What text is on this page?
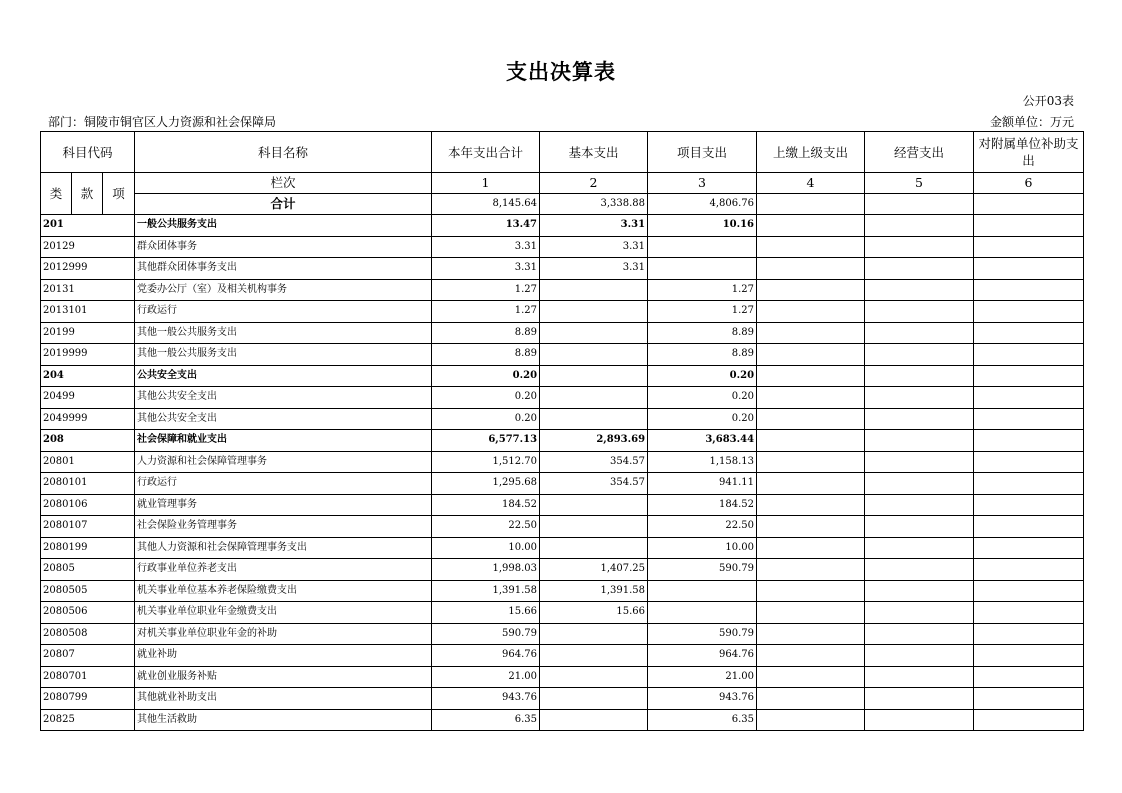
支出决算表
公开03表
部门：铜陵市铜官区人力资源和社会保障局	金额单位：万元
科目代码			科目名称	本年支出合计	基本支出	项目支出	上缴上级支出	经营支出	对附属单位补助支出
类	款	项	栏次	1	2	3	4	5	6
			合计	8,145.64	3,338.88	4,806.76			
201			一般公共服务支出	13.47	3.31	10.16			
20129			群众团体事务	3.31	3.31				
2012999			其他群众团体事务支出	3.31	3.31				
20131			党委办公厅（室）及相关机构事务	1.27		1.27			
2013101			行政运行	1.27		1.27			
20199			其他一般公共服务支出	8.89		8.89			
2019999			其他一般公共服务支出	8.89		8.89			
204			公共安全支出	0.20		0.20			
20499			其他公共安全支出	0.20		0.20			
2049999			其他公共安全支出	0.20		0.20			
208			社会保障和就业支出	6,577.13	2,893.69	3,683.44			
20801			人力资源和社会保障管理事务	1,512.70	354.57	1,158.13			
2080101			行政运行	1,295.68	354.57	941.11			
2080106			就业管理事务	184.52		184.52			
2080107			社会保险业务管理事务	22.50		22.50			
2080199			其他人力资源和社会保障管理事务支出	10.00		10.00			
20805			行政事业单位养老支出	1,998.03	1,407.25	590.79			
2080505			机关事业单位基本养老保险缴费支出	1,391.58	1,391.58				
2080506			机关事业单位职业年金缴费支出	15.66	15.66				
2080508			对机关事业单位职业年金的补助	590.79		590.79			
20807			就业补助	964.76		964.76			
2080701			就业创业服务补贴	21.00		21.00			
2080799			其他就业补助支出	943.76		943.76			
20825			其他生活救助	6.35		6.35			
